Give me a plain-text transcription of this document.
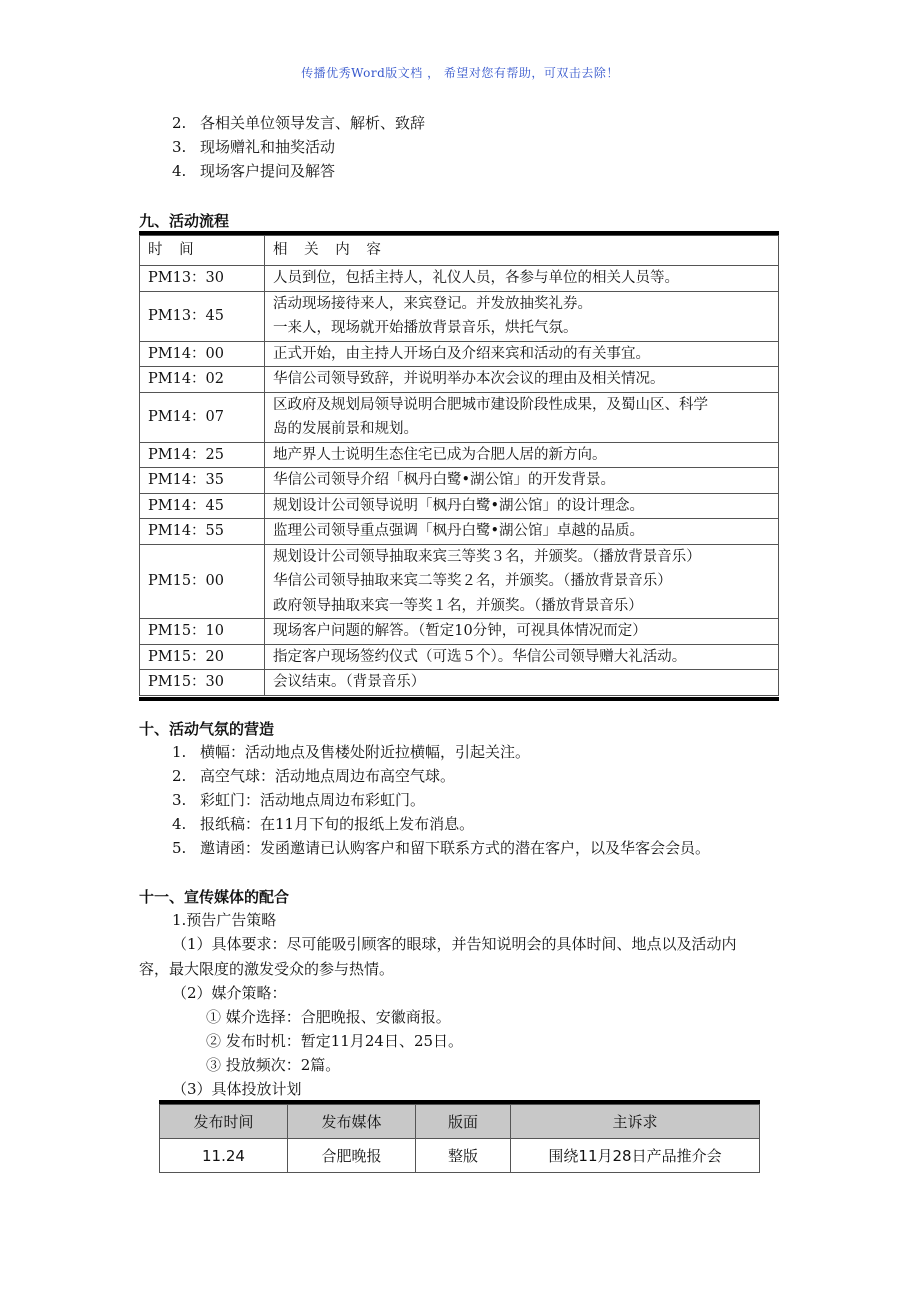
传播优秀Word版文档 ， 希望对您有帮助，可双击去除！
2. 各相关单位领导发言、解析、致辞
3. 现场赠礼和抽奖活动
4. 现场客户提问及解答
九、活动流程
时 间	相 关 内 容
PM13：30	人员到位，包括主持人，礼仪人员，各参与单位的相关人员等。

PM13：45	活动现场接待来人，来宾登记。并发放抽奖礼券。
一来人，现场就开始播放背景音乐，烘托气氛。

PM14：00	正式开始，由主持人开场白及介绍来宾和活动的有关事宜。

PM14：02	华信公司领导致辞，并说明举办本次会议的理由及相关情况。

PM14：07	区政府及规划局领导说明合肥城市建设阶段性成果，及蜀山区、科学
岛的发展前景和规划。

PM14：25	地产界人士说明生态住宅已成为合肥人居的新方向。

PM14：35	华信公司领导介绍「枫丹白鹭•湖公馆」的开发背景。

PM14：45	规划设计公司领导说明「枫丹白鹭•湖公馆」的设计理念。

PM14：55	监理公司领导重点强调「枫丹白鹭•湖公馆」卓越的品质。

PM15：00	规划设计公司领导抽取来宾三等奖３名，并颁奖。（播放背景音乐）
华信公司领导抽取来宾二等奖２名，并颁奖。（播放背景音乐）
政府领导抽取来宾一等奖１名，并颁奖。（播放背景音乐）

PM15：10	现场客户问题的解答。（暂定10分钟，可视具体情况而定）

PM15：20	指定客户现场签约仪式（可选５个）。华信公司领导赠大礼活动。

PM15：30	会议结束。（背景音乐）
十、活动气氛的营造
1. 横幅：活动地点及售楼处附近拉横幅，引起关注。
2. 高空气球：活动地点周边布高空气球。
3. 彩虹门：活动地点周边布彩虹门。
4. 报纸稿：在11月下旬的报纸上发布消息。
5. 邀请函：发函邀请已认购客户和留下联系方式的潜在客户，以及华客会会员。
十一、宣传媒体的配合
1.预告广告策略
（1）具体要求：尽可能吸引顾客的眼球，并告知说明会的具体时间、地点以及活动内
容，最大限度的激发受众的参与热情。
（2）媒介策略：
① 媒介选择：合肥晚报、安徽商报。
② 发布时机：暂定11月24日、25日。
③ 投放频次：2篇。
（3）具体投放计划
发布时间	发布媒体	版面	主诉求
11.24	合肥晚报	整版	围绕11月28日产品推介会
